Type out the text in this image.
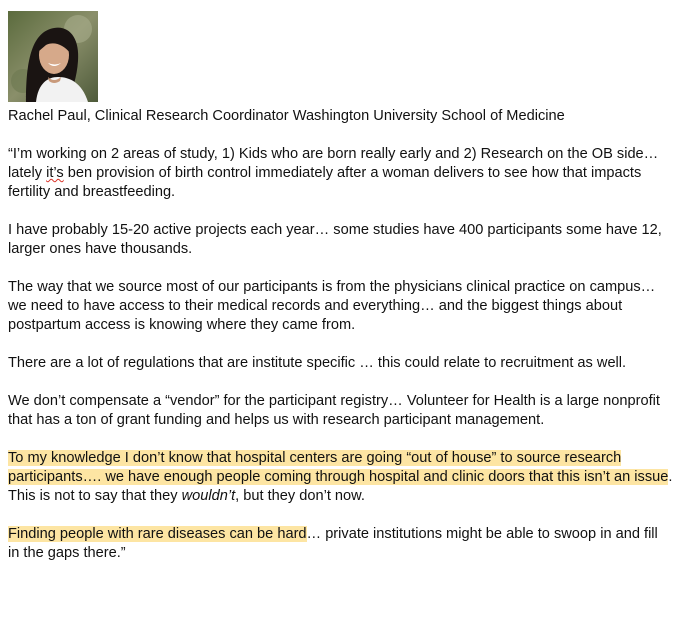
Rachel Paul, Clinical Research Coordinator Washington University School of Medicine

“I’m working on 2 areas of study, 1) Kids who are born really early and 2) Research on the OB side… lately it’s ben provision of birth control immediately after a woman delivers to see how that impacts fertility and breastfeeding.

I have probably 15-20 active projects each year… some studies have 400 participants some have 12, larger ones have thousands.

The way that we source most of our participants is from the physicians clinical practice on campus… we need to have access to their medical records and everything… and the biggest things about postpartum access is knowing where they came from.

There are a lot of regulations that are institute specific … this could relate to recruitment as well.

We don’t compensate a “vendor” for the participant registry… Volunteer for Health is a large nonprofit that has a ton of grant funding and helps us with research participant management.

To my knowledge I don’t know that hospital centers are going “out of house” to source research participants…. we have enough people coming through hospital and clinic doors that this isn’t an issue. This is not to say that they wouldn’t, but they don’t now.

Finding people with rare diseases can be hard… private institutions might be able to swoop in and fill in the gaps there.”
